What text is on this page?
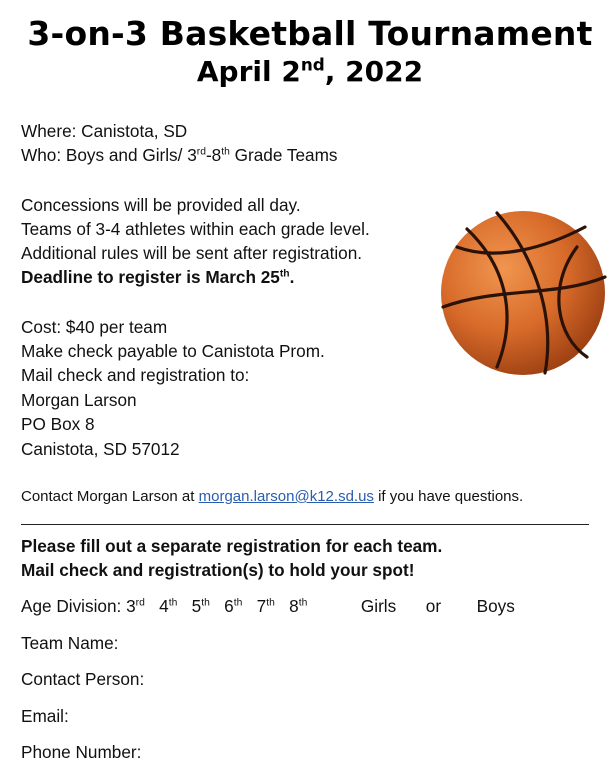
3-on-3 Basketball Tournament
April 2nd, 2022
Where: Canistota, SD
Who: Boys and Girls/ 3rd-8th Grade Teams
Concessions will be provided all day.
Teams of 3-4 athletes within each grade level.
Additional rules will be sent after registration.
Deadline to register is March 25th.
Cost: $40 per team
Make check payable to Canistota Prom.
Mail check and registration to:
Morgan Larson
PO Box 8
Canistota, SD 57012
Contact Morgan Larson at morgan.larson@k12.sd.us if you have questions.
Please fill out a separate registration for each team.
Mail check and registration(s) to hold your spot!
Age Division: 3rd 4th 5th 6th 7th 8th	Girls or Boys
Team Name:
Contact Person:
Email:
Phone Number:
